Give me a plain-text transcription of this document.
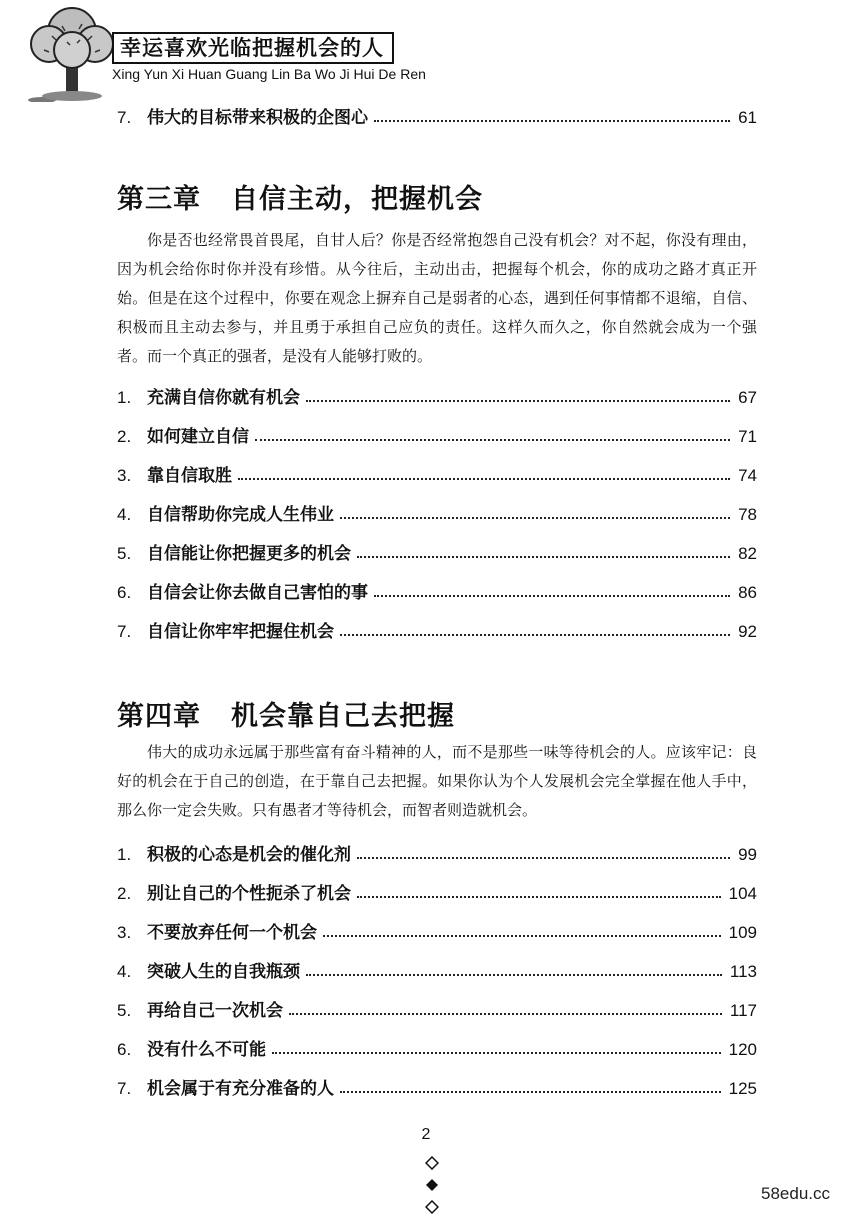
幸运喜欢光临把握机会的人
Xing Yun Xi Huan Guang Lin Ba Wo Ji Hui De Ren
7. 伟大的目标带来积极的企图心	61
第三章 自信主动，把握机会

你是否也经常畏首畏尾，自甘人后？你是否经常抱怨自己没有机会？对不起，你没有理由，因为机会给你时你并没有珍惜。从今往后，主动出击，把握每个机会，你的成功之路才真正开始。但是在这个过程中，你要在观念上摒弃自己是弱者的心态，遇到任何事情都不退缩，自信、积极而且主动去参与，并且勇于承担自己应负的责任。这样久而久之，你自然就会成为一个强者。而一个真正的强者，是没有人能够打败的。

1. 充满自信你就有机会	67
2. 如何建立自信	71
3. 靠自信取胜	74
4. 自信帮助你完成人生伟业	78
5. 自信能让你把握更多的机会	82
6. 自信会让你去做自己害怕的事	86
7. 自信让你牢牢把握住机会	92
第四章 机会靠自己去把握

伟大的成功永远属于那些富有奋斗精神的人，而不是那些一味等待机会的人。应该牢记：良好的机会在于自己的创造，在于靠自己去把握。如果你认为个人发展机会完全掌握在他人手中，那么你一定会失败。只有愚者才等待机会，而智者则造就机会。

1. 积极的心态是机会的催化剂	99
2. 别让自己的个性扼杀了机会	104
3. 不要放弃任何一个机会	109
4. 突破人生的自我瓶颈	113
5. 再给自己一次机会	117
6. 没有什么不可能	120
7. 机会属于有充分准备的人	125
2
58edu.cc
